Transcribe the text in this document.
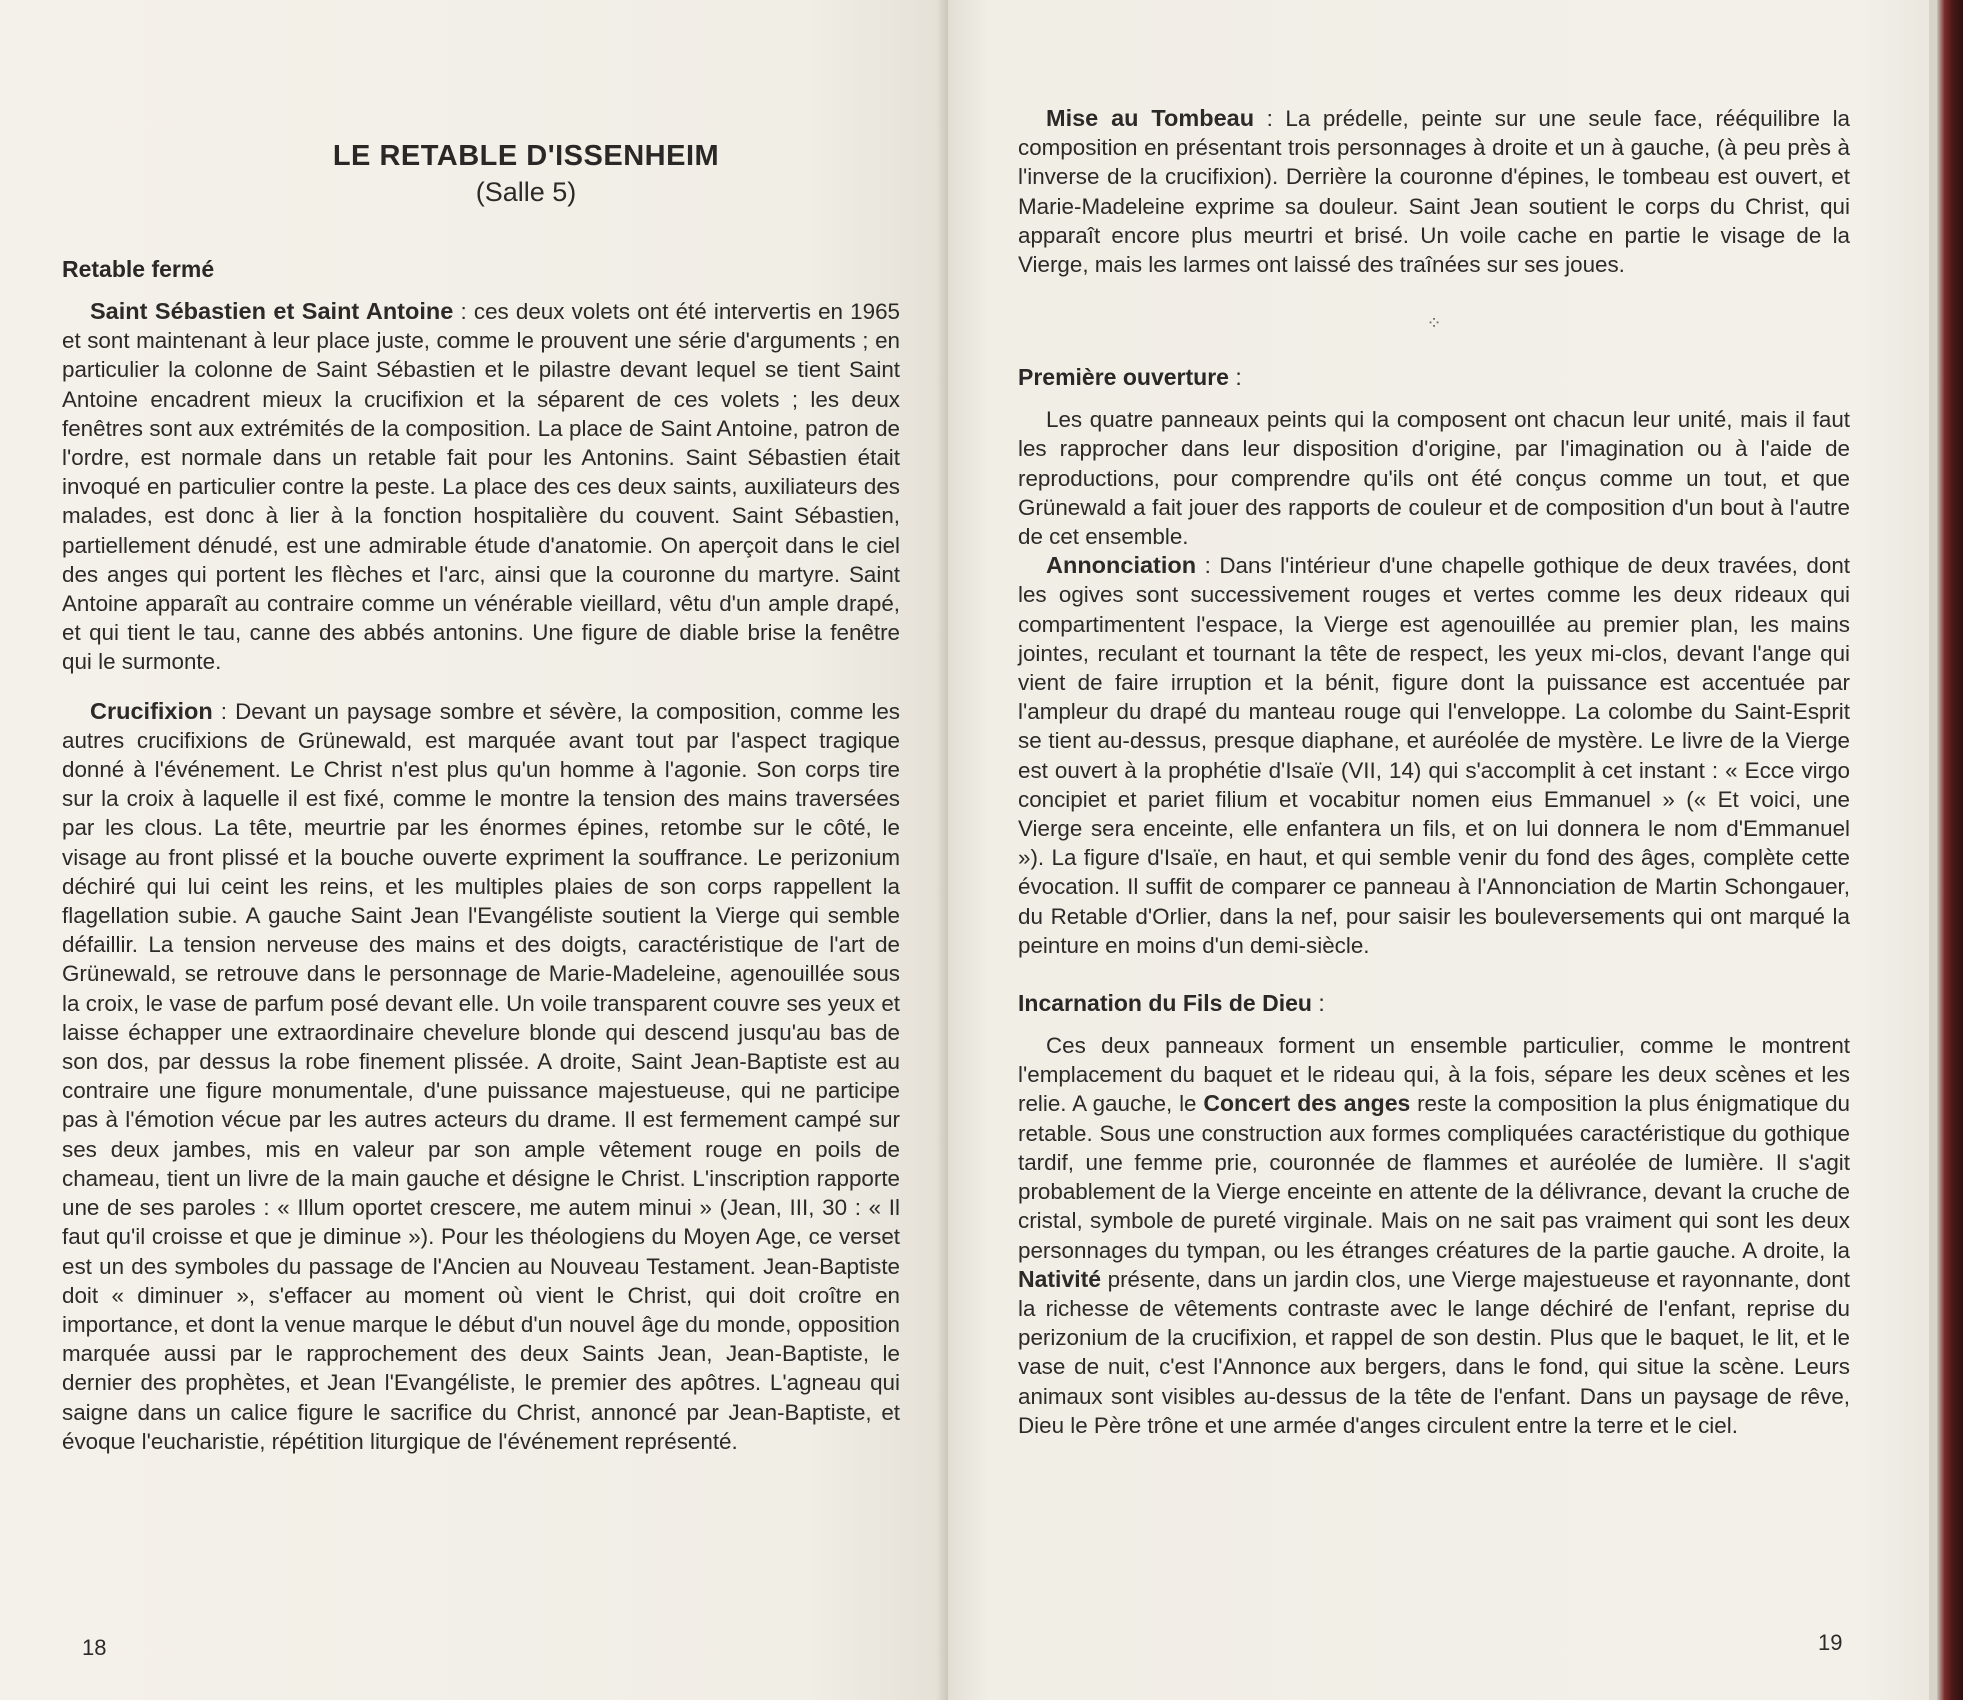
LE RETABLE D'ISSENHEIM
(Salle 5)
Retable fermé

Saint Sébastien et Saint Antoine : ces deux volets ont été intervertis en 1965 et sont maintenant à leur place juste, comme le prouvent une série d'arguments ; en particulier la colonne de Saint Sébastien et le pilastre devant lequel se tient Saint Antoine encadrent mieux la crucifixion et la séparent de ces volets ; les deux fenêtres sont aux extrémités de la composition. La place de Saint Antoine, patron de l'ordre, est normale dans un retable fait pour les Antonins. Saint Sébastien était invoqué en particulier contre la peste. La place des ces deux saints, auxiliateurs des malades, est donc à lier à la fonction hospitalière du couvent. Saint Sébastien, partiellement dénudé, est une admirable étude d'anatomie. On aperçoit dans le ciel des anges qui portent les flèches et l'arc, ainsi que la couronne du martyre. Saint Antoine apparaît au contraire comme un vénérable vieillard, vêtu d'un ample drapé, et qui tient le tau, canne des abbés antonins. Une figure de diable brise la fenêtre qui le surmonte.

Crucifixion : Devant un paysage sombre et sévère, la composition, comme les autres crucifixions de Grünewald, est marquée avant tout par l'aspect tragique donné à l'événement. Le Christ n'est plus qu'un homme à l'agonie. Son corps tire sur la croix à laquelle il est fixé, comme le montre la tension des mains traversées par les clous. La tête, meurtrie par les énormes épines, retombe sur le côté, le visage au front plissé et la bouche ouverte expriment la souffrance. Le perizonium déchiré qui lui ceint les reins, et les multiples plaies de son corps rappellent la flagellation subie. A gauche Saint Jean l'Evangéliste soutient la Vierge qui semble défaillir. La tension nerveuse des mains et des doigts, caractéristique de l'art de Grünewald, se retrouve dans le personnage de Marie-Madeleine, agenouillée sous la croix, le vase de parfum posé devant elle. Un voile transparent couvre ses yeux et laisse échapper une extraordinaire chevelure blonde qui descend jusqu'au bas de son dos, par dessus la robe finement plissée. A droite, Saint Jean-Baptiste est au contraire une figure monumentale, d'une puissance majestueuse, qui ne participe pas à l'émotion vécue par les autres acteurs du drame. Il est fermement campé sur ses deux jambes, mis en valeur par son ample vêtement rouge en poils de chameau, tient un livre de la main gauche et désigne le Christ. L'inscription rapporte une de ses paroles : « Illum oportet crescere, me autem minui » (Jean, III, 30 : « Il faut qu'il croisse et que je diminue »). Pour les théologiens du Moyen Age, ce verset est un des symboles du passage de l'Ancien au Nouveau Testament. Jean-Baptiste doit « diminuer », s'effacer au moment où vient le Christ, qui doit croître en importance, et dont la venue marque le début d'un nouvel âge du monde, opposition marquée aussi par le rapprochement des deux Saints Jean, Jean-Baptiste, le dernier des prophètes, et Jean l'Evangéliste, le premier des apôtres. L'agneau qui saigne dans un calice figure le sacrifice du Christ, annoncé par Jean-Baptiste, et évoque l'eucharistie, répétition liturgique de l'événement représenté.

18

Mise au Tombeau : La prédelle, peinte sur une seule face, rééquilibre la composition en présentant trois personnages à droite et un à gauche, (à peu près à l'inverse de la crucifixion). Derrière la couronne d'épines, le tombeau est ouvert, et Marie-Madeleine exprime sa douleur. Saint Jean soutient le corps du Christ, qui apparaît encore plus meurtri et brisé. Un voile cache en partie le visage de la Vierge, mais les larmes ont laissé des traînées sur ses joues.

⁘

Première ouverture :

Les quatre panneaux peints qui la composent ont chacun leur unité, mais il faut les rapprocher dans leur disposition d'origine, par l'imagination ou à l'aide de reproductions, pour comprendre qu'ils ont été conçus comme un tout, et que Grünewald a fait jouer des rapports de couleur et de composition d'un bout à l'autre de cet ensemble.

Annonciation : Dans l'intérieur d'une chapelle gothique de deux travées, dont les ogives sont successivement rouges et vertes comme les deux rideaux qui compartimentent l'espace, la Vierge est agenouillée au premier plan, les mains jointes, reculant et tournant la tête de respect, les yeux mi-clos, devant l'ange qui vient de faire irruption et la bénit, figure dont la puissance est accentuée par l'ampleur du drapé du manteau rouge qui l'enveloppe. La colombe du Saint-Esprit se tient au-dessus, presque diaphane, et auréolée de mystère. Le livre de la Vierge est ouvert à la prophétie d'Isaïe (VII, 14) qui s'accomplit à cet instant : « Ecce virgo concipiet et pariet filium et vocabitur nomen eius Emmanuel » (« Et voici, une Vierge sera enceinte, elle enfantera un fils, et on lui donnera le nom d'Emmanuel »). La figure d'Isaïe, en haut, et qui semble venir du fond des âges, complète cette évocation. Il suffit de comparer ce panneau à l'Annonciation de Martin Schongauer, du Retable d'Orlier, dans la nef, pour saisir les bouleversements qui ont marqué la peinture en moins d'un demi-siècle.

Incarnation du Fils de Dieu :

Ces deux panneaux forment un ensemble particulier, comme le montrent l'emplacement du baquet et le rideau qui, à la fois, sépare les deux scènes et les relie. A gauche, le Concert des anges reste la composition la plus énigmatique du retable. Sous une construction aux formes compliquées caractéristique du gothique tardif, une femme prie, couronnée de flammes et auréolée de lumière. Il s'agit probablement de la Vierge enceinte en attente de la délivrance, devant la cruche de cristal, symbole de pureté virginale. Mais on ne sait pas vraiment qui sont les deux personnages du tympan, ou les étranges créatures de la partie gauche. A droite, la Nativité présente, dans un jardin clos, une Vierge majestueuse et rayonnante, dont la richesse de vêtements contraste avec le lange déchiré de l'enfant, reprise du perizonium de la crucifixion, et rappel de son destin. Plus que le baquet, le lit, et le vase de nuit, c'est l'Annonce aux bergers, dans le fond, qui situe la scène. Leurs animaux sont visibles au-dessus de la tête de l'enfant. Dans un paysage de rêve, Dieu le Père trône et une armée d'anges circulent entre la terre et le ciel.

19
